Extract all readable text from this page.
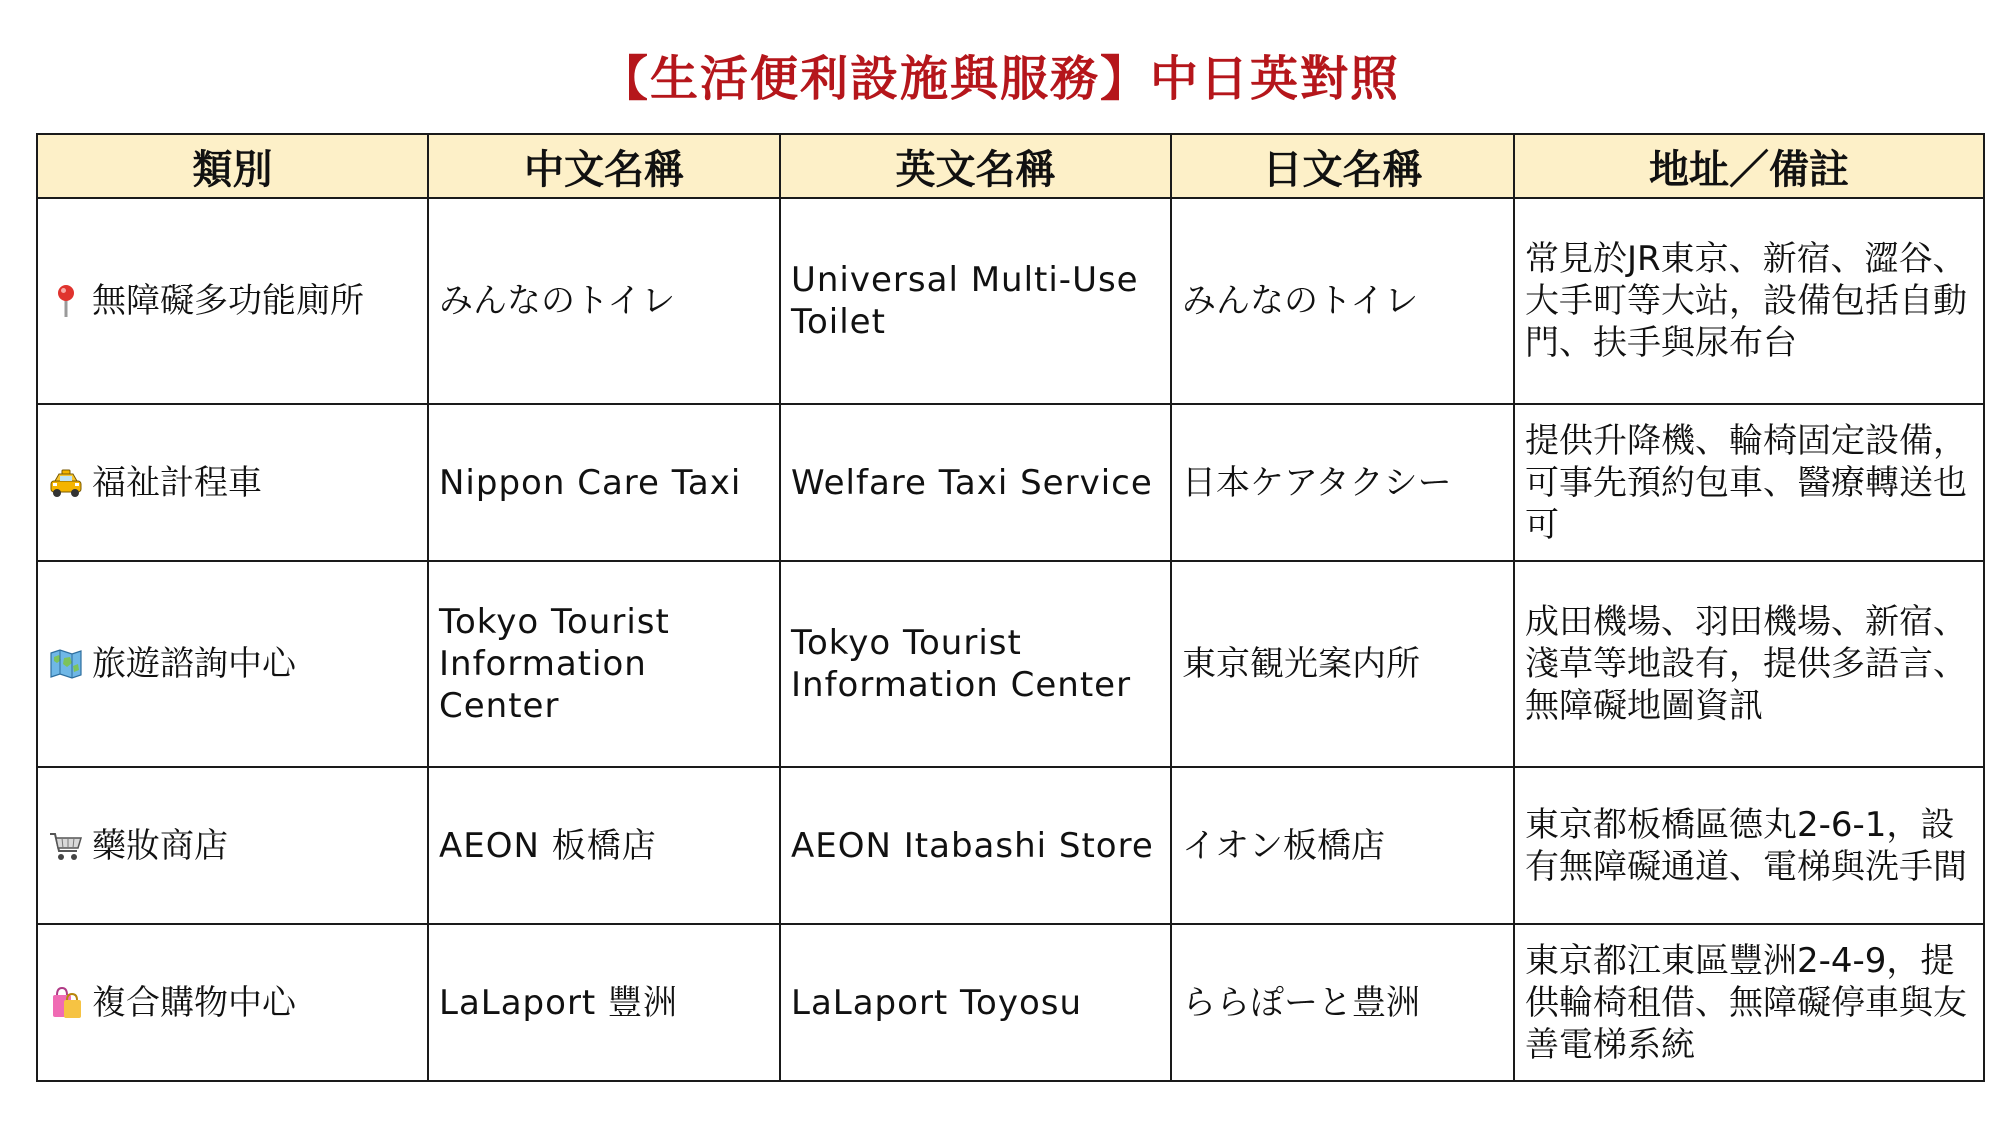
【生活便利設施與服務】中日英對照
類別	中文名稱	英文名稱	日文名稱	地址／備註

無障礙多功能廁所	みんなのトイレ	Universal Multi-Use Toilet	みんなのトイレ	常見於JR東京、新宿、澀谷、大手町等大站，設備包括自動門、扶手與尿布台

福祉計程車	Nippon Care Taxi	Welfare Taxi Service	日本ケアタクシー	提供升降機、輪椅固定設備，可事先預約包車、醫療轉送也可

旅遊諮詢中心	Tokyo Tourist Information Center	Tokyo Tourist Information Center	東京観光案内所	成田機場、羽田機場、新宿、淺草等地設有，提供多語言、無障礙地圖資訊

藥妝商店	AEON 板橋店	AEON Itabashi Store	イオン板橋店	東京都板橋區德丸2-6-1，設有無障礙通道、電梯與洗手間

複合購物中心	LaLaport 豐洲	LaLaport Toyosu	ららぽーと豊洲	東京都江東區豐洲2-4-9，提供輪椅租借、無障礙停車與友善電梯系統
